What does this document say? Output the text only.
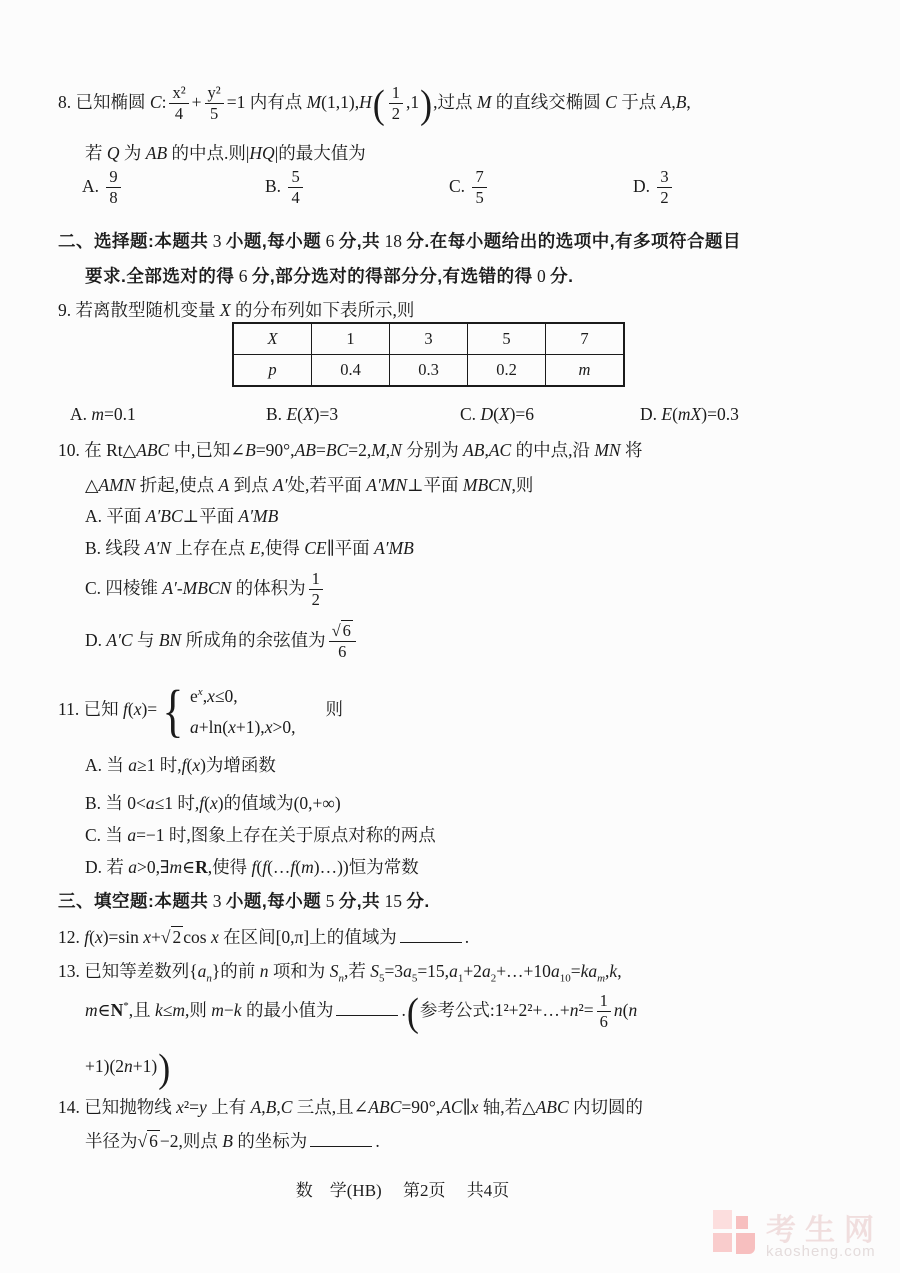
8. 已知椭圆 C: $\frac{\text{x²}}{4} + \frac{\text{y²}}{5} =1$ 内有点 $M(1,1),H( \frac{1}{2} ,1)$,过点 M 的直线交椭圆 C 于点 A,B,
若 Q 为 AB 的中点.则|HQ|的最大值为
A. $\frac{9}{8}$	B. $\frac{5}{4}$	C. $\frac{7}{5}$	D. $\frac{3}{2}$
二、选择题:本题共 3 小题,每小题 6 分,共 18 分.在每小题给出的选项中,有多项符合题目
要求.全部选对的得 6 分,部分选对的得部分分,有选错的得 0 分.
9. 若离散型随机变量 X 的分布列如下表所示,则
X	1	3	5	7
p	0.4	0.3	0.2	m
A. m=0.1	B. E(X)=3	C. D(X)=6	D. E(mX)=0.3
10. 在 Rt△ABC 中,已知∠B=90°,AB=BC=2,M,N 分别为 AB,AC 的中点,沿 MN 将
△AMN 折起,使点 A 到点 A′处,若平面 A′MN⊥平面 MBCN,则
A. 平面 A′BC⊥平面 A′MB
B. 线段 A′N 上存在点 E,使得 CE∥平面 A′MB
C. 四棱锥 A′-MBCN 的体积为 $\frac{1}{2}$
D. A′C 与 BN 所成角的余弦值为 $\frac{√ 6}{6}$
11. 已知 f(x)= { $e^x,x\le 0$,
a+ln(x+1),x>0,
则
A. 当 a≥1 时,f(x)为增函数
B. 当 0<a≤1 时,f(x)的值域为(0,+∞)
C. 当 a=−1 时,图象上存在关于原点对称的两点
D. 若 a>0,∃m∈R,使得 f(f(…f(m)…))恒为常数
三、填空题:本题共 3 小题,每小题 5 分,共 15 分.
12. f(x)=sin x+√ 2 cos x 在区间[0,π]上的值域为	.
13. 已知等差数列$\{a_n\}$的前 n 项和为 $S_n$,若 $S_5=3a_5=15,a_1+2a_2+\dots+10a_{10}=ka_m,k$,
m∈N*,且 k≤m,则 m−k 的最小值为	.(参考公式:1²+2²+…+n²= $\frac{1}{6} n(n$
+1)(2n+1))
14. 已知抛物线 x²=y 上有 A,B,C 三点,且∠ABC=90°,AC∥x 轴,若△ABC 内切圆的
半径为√ 6 −2,则点 B 的坐标为	.
数　学(HB)　 第2页　 共4页
考生网
kaosheng.com
